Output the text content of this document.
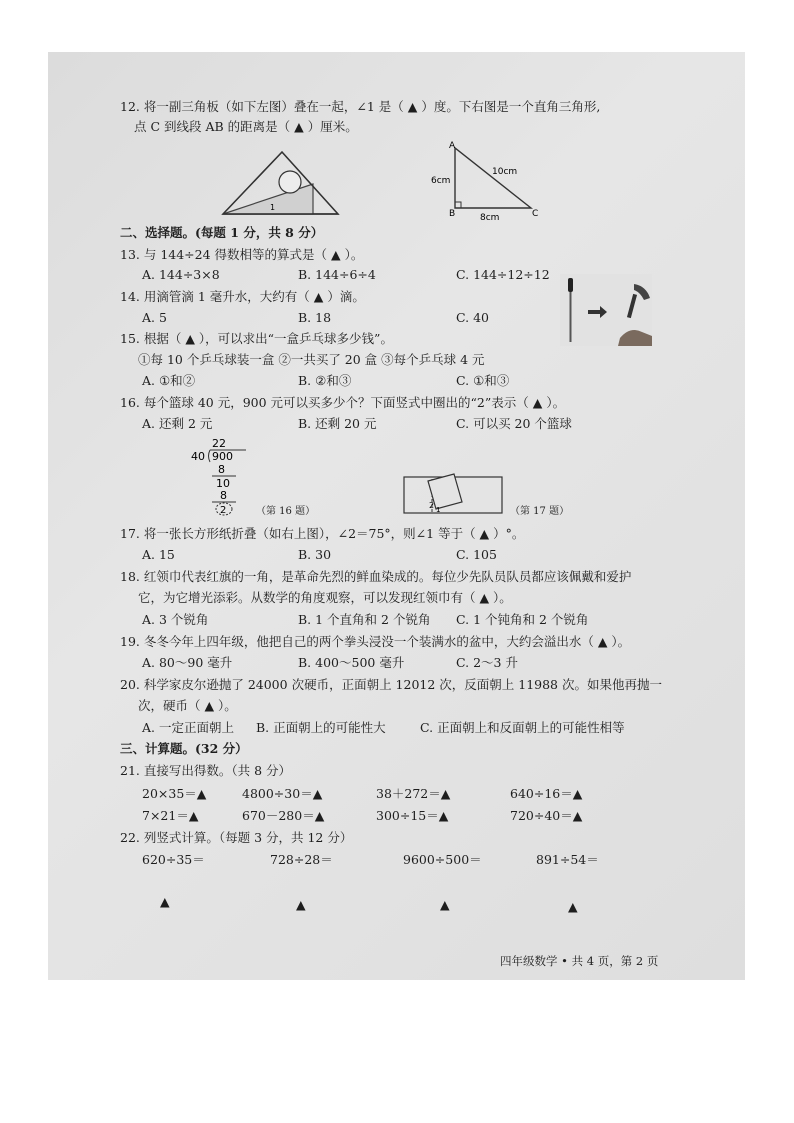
12. 将一副三角板（如下左图）叠在一起，∠1 是（ ▲ ）度。下右图是一个直角三角形,
点 C 到线段 AB 的距离是（ ▲ ）厘米。
1
A
B	C
6cm
10cm
8cm
二、选择题。(每题 1 分，共 8 分）
13. 与 144÷24 得数相等的算式是（ ▲ ）。
A. 144÷3×8	B. 144÷6÷4	C. 144÷12÷12
14. 用滴管滴 1 毫升水，大约有（ ▲ ）滴。
A. 5	B. 18	C. 40
15. 根据（ ▲ ），可以求出“一盒乒乓球多少钱”。
①每 10 个乒乓球装一盒 ②一共买了 20 盒 ③每个乒乓球 4 元
A. ①和②	B. ②和③	C. ①和③
16. 每个篮球 40 元，900 元可以买多少个？下面竖式中圈出的“2”表示（ ▲ ）。
A. 还剩 2 元	B. 还剩 20 元	C. 可以买 20 个篮球
22
40 900
8
10
8
2	（第 16 题）
2 1	（第 17 题）
17. 将一张长方形纸折叠（如右上图），∠2＝75°，则∠1 等于（ ▲ ）°。
A. 15	B. 30	C. 105
18. 红领巾代表红旗的一角，是革命先烈的鲜血染成的。每位少先队员队员都应该佩戴和爱护
它，为它增光添彩。从数学的角度观察，可以发现红领巾有（ ▲ ）。
A. 3 个锐角	B. 1 个直角和 2 个锐角 C. 1 个钝角和 2 个锐角
19. 冬冬今年上四年级，他把自己的两个拳头浸没一个装满水的盆中，大约会溢出水（ ▲ ）。
A. 80～90 毫升	B. 400～500 毫升	C. 2～3 升
20. 科学家皮尔逊抛了 24000 次硬币，正面朝上 12012 次，反面朝上 11988 次。如果他再抛一
次，硬币（ ▲ ）。
A. 一定正面朝上 B. 正面朝上的可能性大	C. 正面朝上和反面朝上的可能性相等
三、计算题。(32 分）
21. 直接写出得数。（共 8 分）
20×35＝▲	4800÷30＝▲	38＋272＝▲	640÷16＝▲
7×21＝▲	670－280＝▲	300÷15＝▲	720÷40＝▲
22. 列竖式计算。（每题 3 分，共 12 分）
620÷35＝	728÷28＝	9600÷500＝	891÷54＝
▲	▲	▲	▲
四年级数学 • 共 4 页，第 2 页
